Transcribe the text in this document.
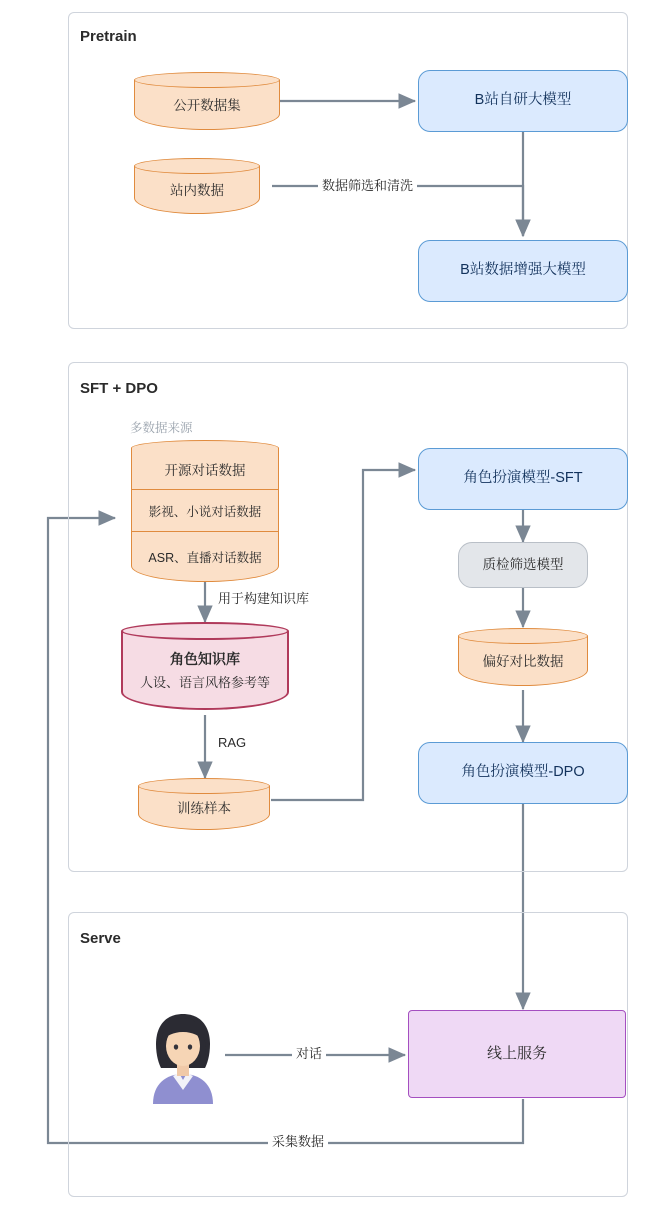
Pretrain
SFT + DPO
Serve
公开数据集
站内数据
B站自研大模型
B站数据增强大模型
数据筛选和清洗
多数据来源
开源对话数据
影视、小说对话数据
ASR、直播对话数据
用于构建知识库
角色知识库
人设、语言风格参考等
RAG
训练样本
角色扮演模型-SFT
质检筛选模型
偏好对比数据
角色扮演模型-DPO
对话	线上服务
采集数据
